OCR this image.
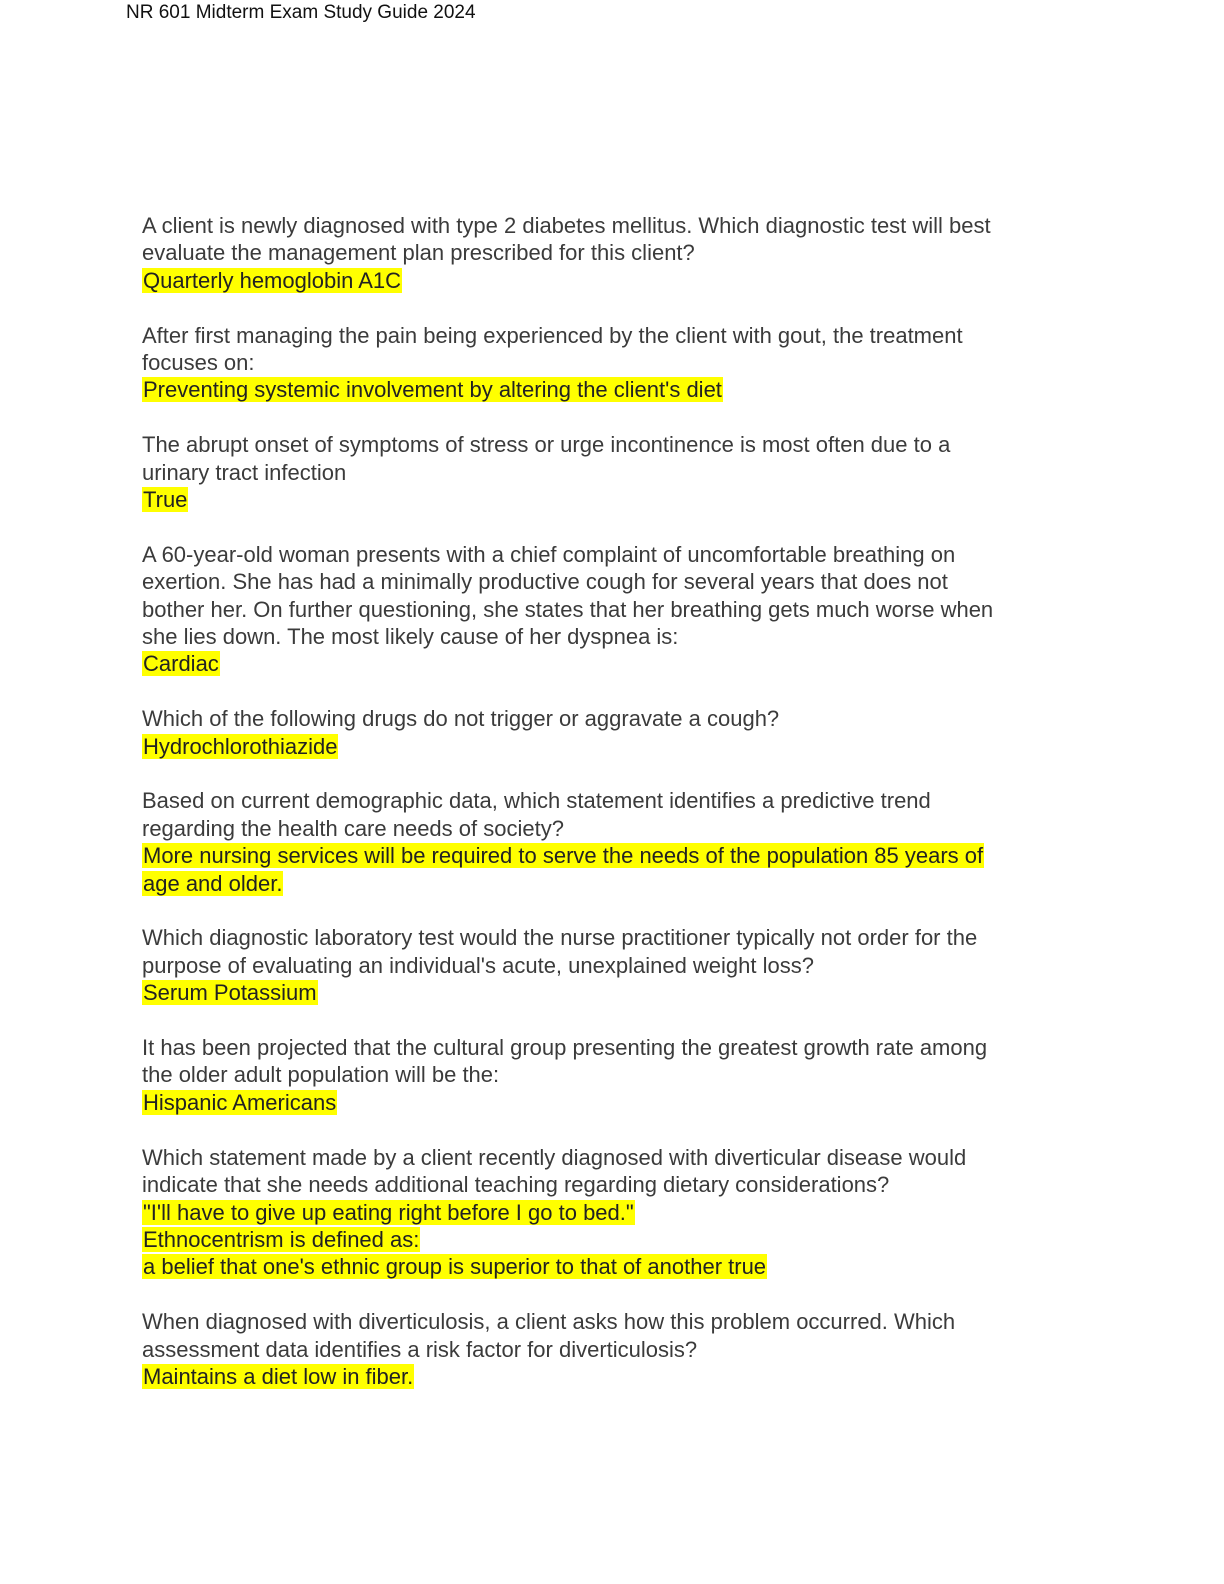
NR 601 Midterm Exam Study Guide 2024
A client is newly diagnosed with type 2 diabetes mellitus. Which diagnostic test will best
evaluate the management plan prescribed for this client?
Quarterly hemoglobin A1C
After first managing the pain being experienced by the client with gout, the treatment
focuses on:
Preventing systemic involvement by altering the client's diet
The abrupt onset of symptoms of stress or urge incontinence is most often due to a
urinary tract infection
True
A 60-year-old woman presents with a chief complaint of uncomfortable breathing on
exertion. She has had a minimally productive cough for several years that does not
bother her. On further questioning, she states that her breathing gets much worse when
she lies down. The most likely cause of her dyspnea is:
Cardiac
Which of the following drugs do not trigger or aggravate a cough?
Hydrochlorothiazide
Based on current demographic data, which statement identifies a predictive trend
regarding the health care needs of society?
More nursing services will be required to serve the needs of the population 85 years of
age and older.
Which diagnostic laboratory test would the nurse practitioner typically not order for the
purpose of evaluating an individual's acute, unexplained weight loss?
Serum Potassium
It has been projected that the cultural group presenting the greatest growth rate among
the older adult population will be the:
Hispanic Americans
Which statement made by a client recently diagnosed with diverticular disease would
indicate that she needs additional teaching regarding dietary considerations?
"I'll have to give up eating right before I go to bed."
Ethnocentrism is defined as:
a belief that one's ethnic group is superior to that of another true
When diagnosed with diverticulosis, a client asks how this problem occurred. Which
assessment data identifies a risk factor for diverticulosis?
Maintains a diet low in fiber.
